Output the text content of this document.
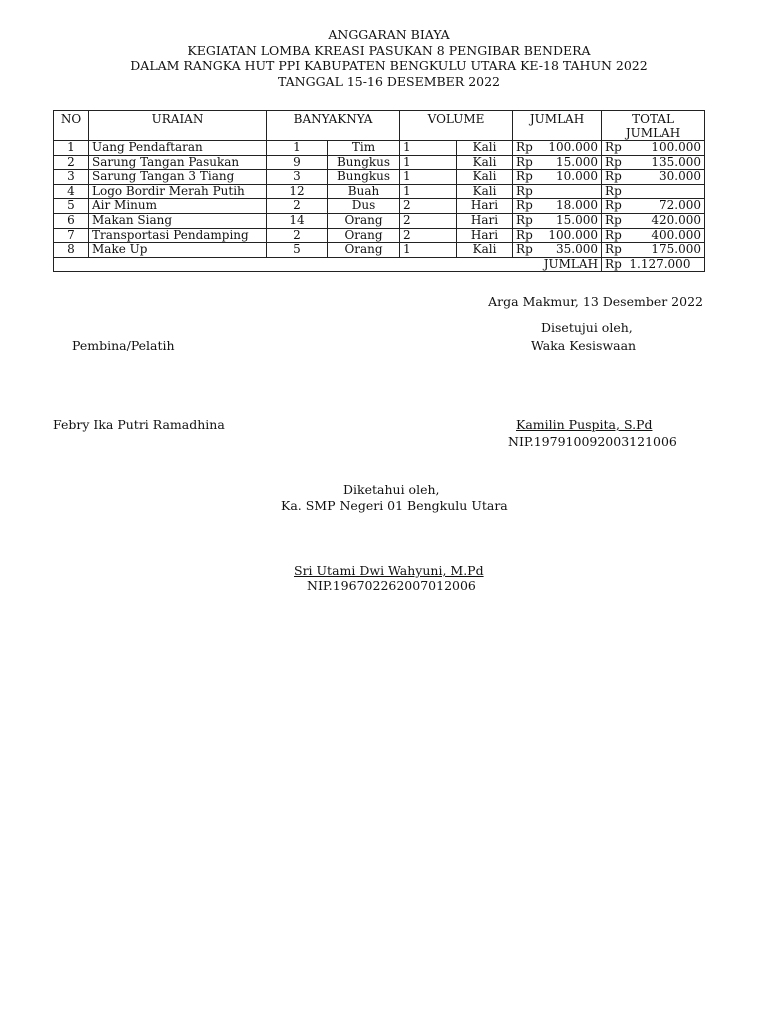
ANGGARAN BIAYA
KEGIATAN LOMBA KREASI PASUKAN 8 PENGIBAR BENDERA
DALAM RANGKA HUT PPI KABUPATEN BENGKULU UTARA KE-18 TAHUN 2022
TANGGAL 15-16 DESEMBER 2022
NO	URAIAN	BANYAKNYA		VOLUME		JUMLAH	TOTAL JUMLAH
1	Uang Pendaftaran	1	Tim	1	Kali	Rp 100.000	Rp 100.000

2	Sarung Tangan Pasukan	9	Bungkus	1	Kali	Rp 15.000	Rp 135.000

3	Sarung Tangan 3 Tiang	3	Bungkus	1	Kali	Rp 10.000	Rp 30.000

4	Logo Bordir Merah Putih	12	Buah	1	Kali	Rp	Rp

5	Air Minum	2	Dus	2	Hari	Rp 18.000	Rp 72.000

6	Makan Siang	14	Orang	2	Hari	Rp 15.000	Rp 420.000

7	Transportasi Pendamping	2	Orang	2	Hari	Rp 100.000	Rp 400.000

8	Make Up	5	Orang	1	Kali	Rp 35.000	Rp 175.000

JUMLAH							Rp  1.127.000
Arga Makmur, 13 Desember 2022
Pembina/Pelatih
Febry Ika Putri Ramadhina
Disetujui oleh,
Waka Kesiswaan
Kamilin Puspita, S.Pd
NIP.197910092003121006
Diketahui oleh,
Ka. SMP Negeri 01 Bengkulu Utara
Sri Utami Dwi Wahyuni, M.Pd
NIP.196702262007012006
